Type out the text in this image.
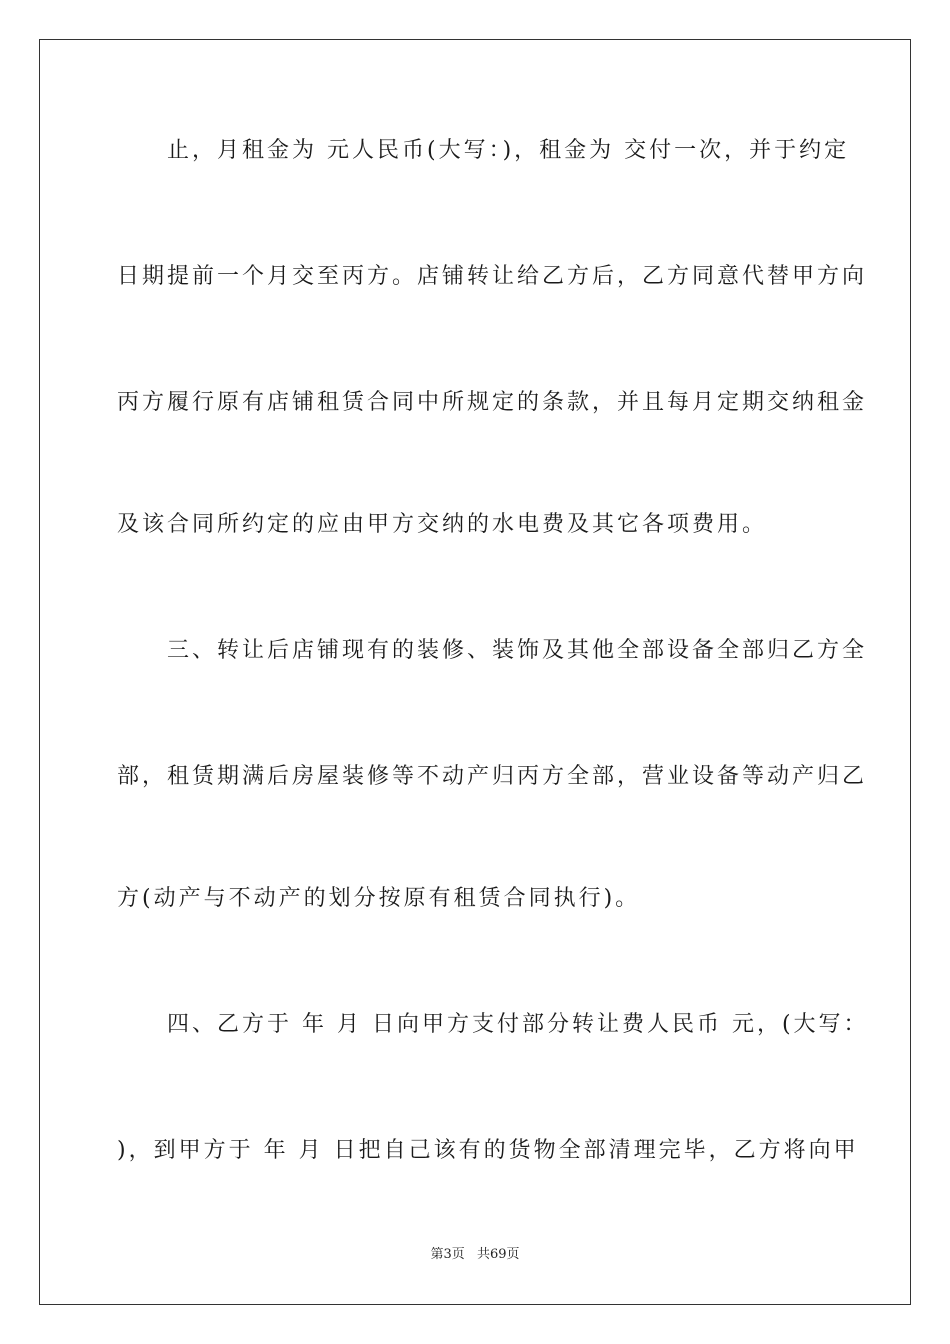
　　止，月租金为 元人民币(大写：)，租金为 交付一次，并于约定
日期提前一个月交至丙方。店铺转让给乙方后，乙方同意代替甲方向
丙方履行原有店铺租赁合同中所规定的条款，并且每月定期交纳租金
及该合同所约定的应由甲方交纳的水电费及其它各项费用。
　　三、转让后店铺现有的装修、装饰及其他全部设备全部归乙方全
部，租赁期满后房屋装修等不动产归丙方全部，营业设备等动产归乙
方(动产与不动产的划分按原有租赁合同执行)。
　　四、乙方于 年 月 日向甲方支付部分转让费人民币 元，(大写：
)，到甲方于 年 月 日把自己该有的货物全部清理完毕，乙方将向甲
第3页 共69页
